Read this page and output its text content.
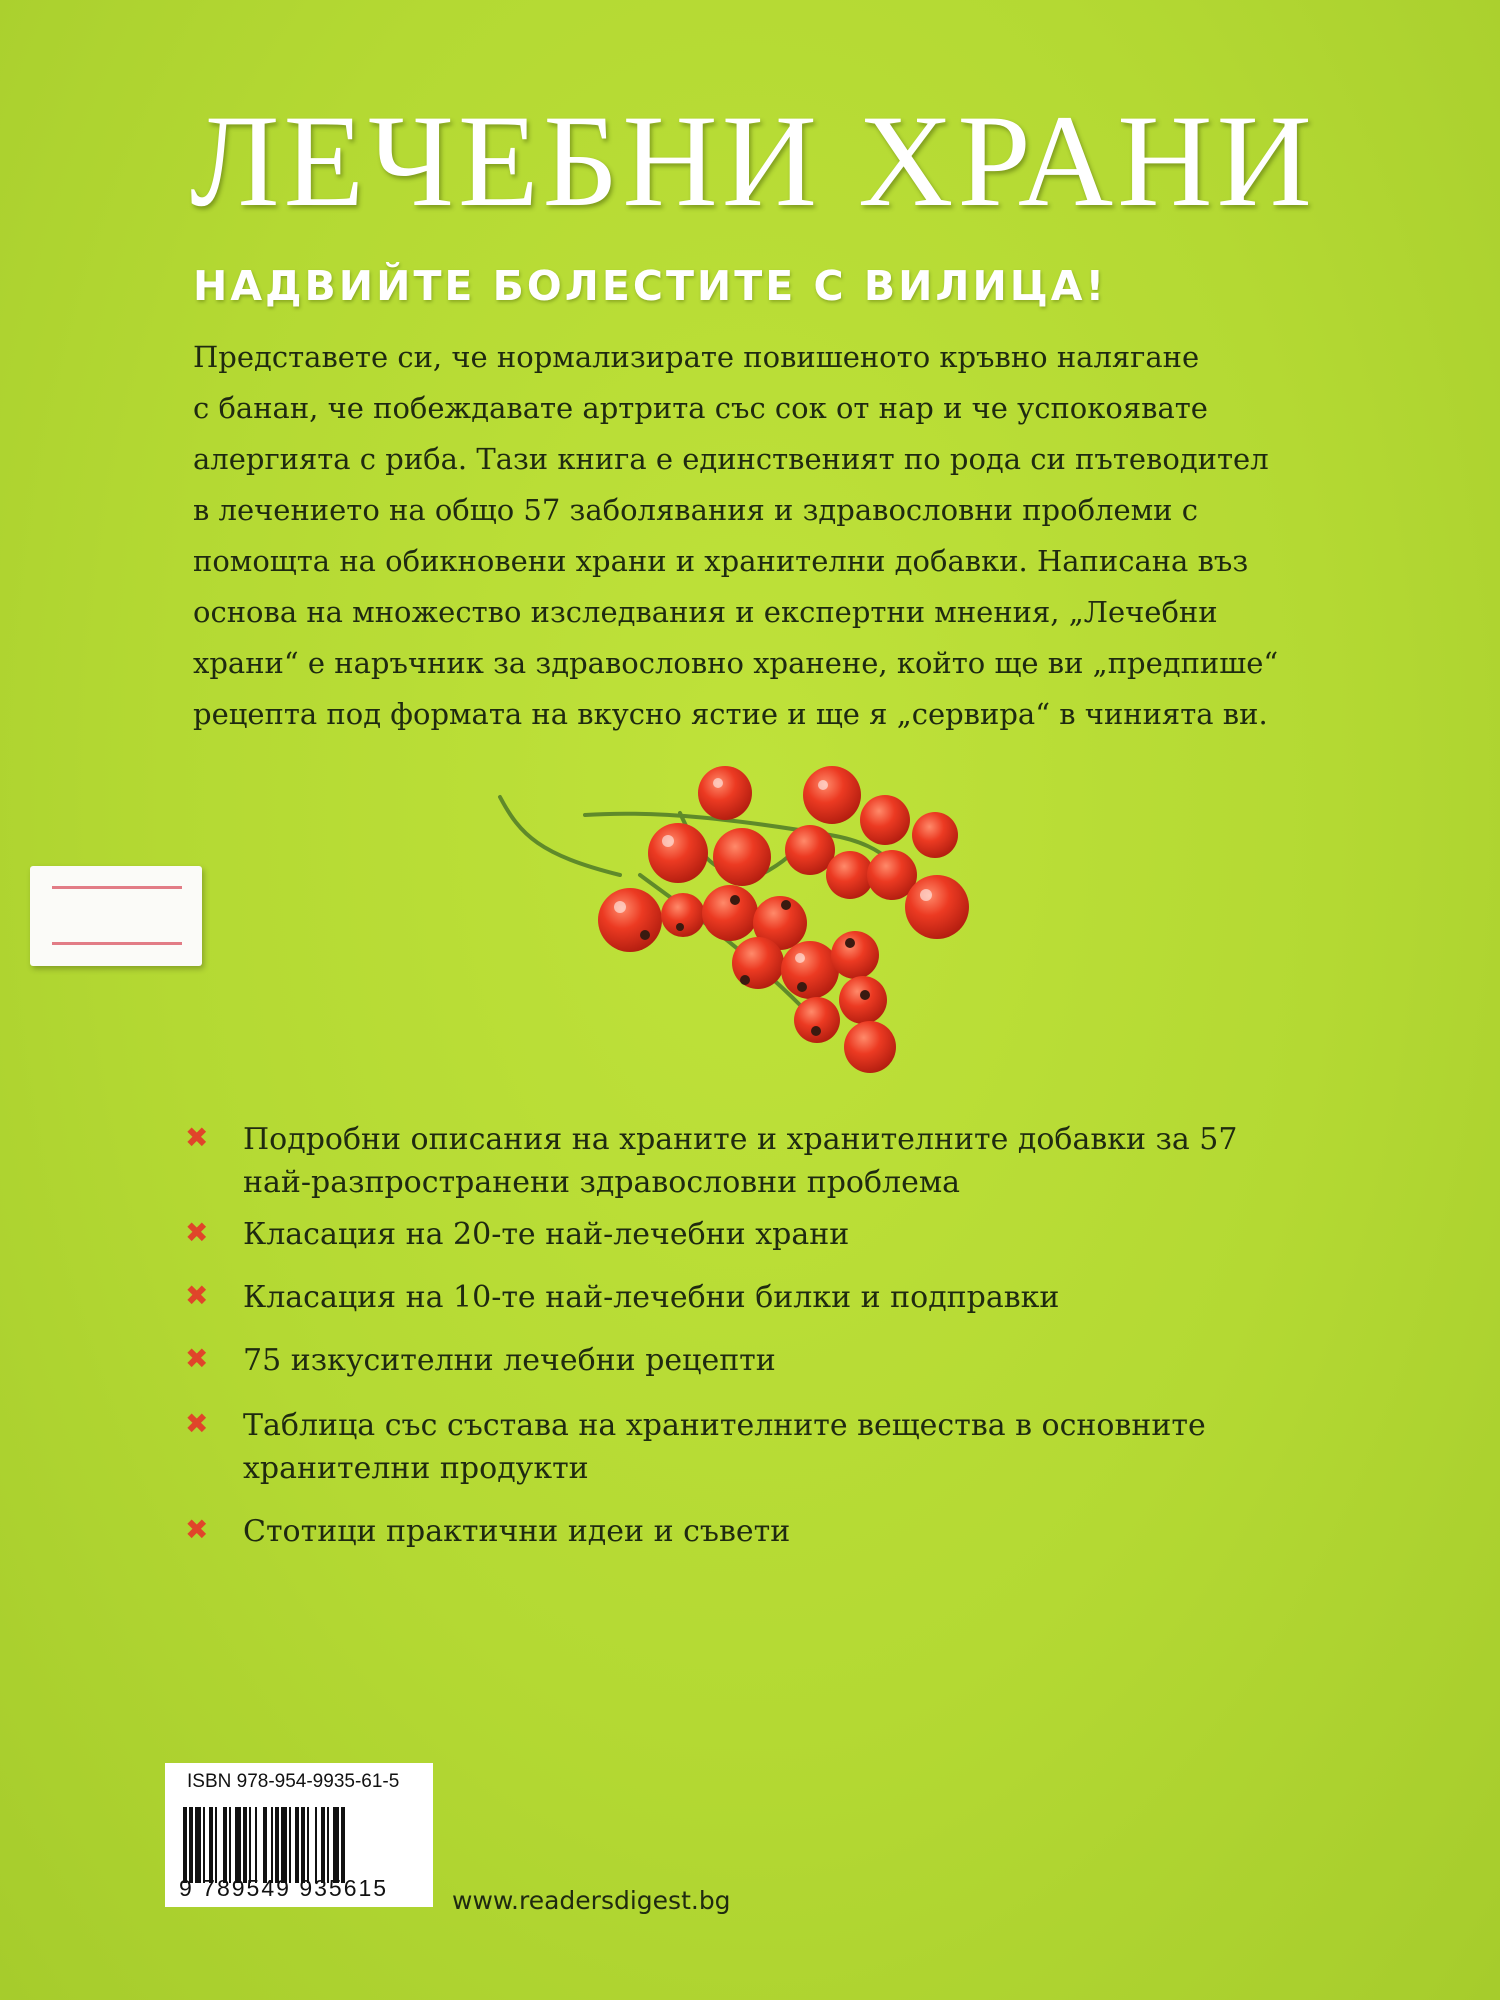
ЛЕЧЕБНИ ХРАНИ
НАДВИЙТЕ БОЛЕСТИТЕ С ВИЛИЦА!

Представете си, че нормализирате повишеното кръвно налягане
с банан, че побеждавате артрита със сок от нар и че успокоявате
алергията с риба. Тази книга е единственият по рода си пътеводител
в лечението на общо 57 заболявания и здравословни проблеми с
помощта на обикновени храни и хранителни добавки. Написана въз
основа на множество изследвания и експертни мнения, „Лечебни
храни“ е наръчник за здравословно хранене, който ще ви „предпише“
рецепта под формата на вкусно ястие и ще я „сервира“ в чинията ви.

✖ Подробни описания на храните и хранителните добавки за 57 най-разпространени здравословни проблема
✖ Класация на 20-те най-лечебни храни
✖ Класация на 10-те най-лечебни билки и подправки
✖ 75 изкусителни лечебни рецепти
✖ Таблица със състава на хранителните вещества в основните хранителни продукти
✖ Стотици практични идеи и съвети
ISBN 978-954-9935-61-5
9 789549 935615	www.readersdigest.bg
